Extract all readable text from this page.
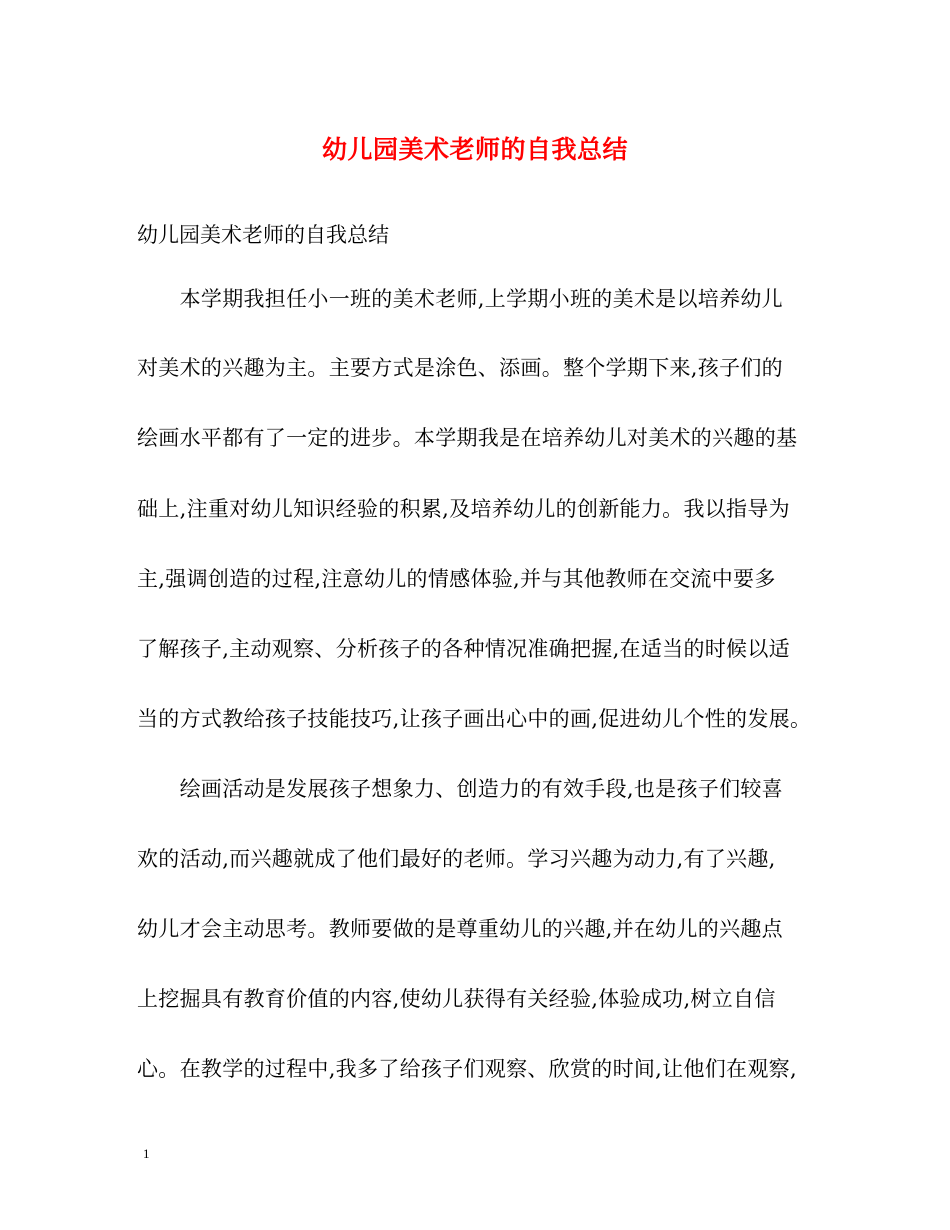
幼儿园美术老师的自我总结
幼儿园美术老师的自我总结
　　本学期我担任小一班的美术老师,上学期小班的美术是以培养幼儿
对美术的兴趣为主。主要方式是涂色、添画。整个学期下来,孩子们的
绘画水平都有了一定的进步。本学期我是在培养幼儿对美术的兴趣的基
础上,注重对幼儿知识经验的积累,及培养幼儿的创新能力。我以指导为
主,强调创造的过程,注意幼儿的情感体验,并与其他教师在交流中要多
了解孩子,主动观察、分析孩子的各种情况准确把握,在适当的时候以适
当的方式教给孩子技能技巧,让孩子画出心中的画,促进幼儿个性的发展。
　　绘画活动是发展孩子想象力、创造力的有效手段,也是孩子们较喜
欢的活动,而兴趣就成了他们最好的老师。学习兴趣为动力,有了兴趣,
幼儿才会主动思考。教师要做的是尊重幼儿的兴趣,并在幼儿的兴趣点
上挖掘具有教育价值的内容,使幼儿获得有关经验,体验成功,树立自信
心。在教学的过程中,我多了给孩子们观察、欣赏的时间,让他们在观察,
1
